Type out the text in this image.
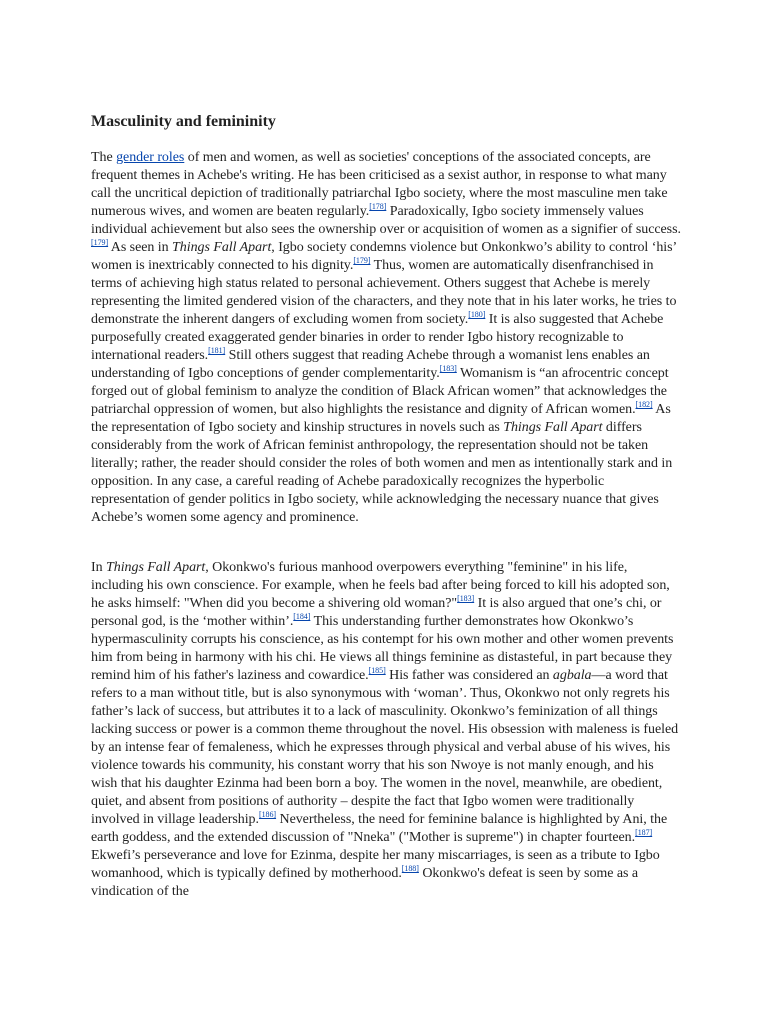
Masculinity and femininity

The gender roles of men and women, as well as societies' conceptions of the associated concepts, are frequent themes in Achebe's writing. He has been criticised as a sexist author, in response to what many call the uncritical depiction of traditionally patriarchal Igbo society, where the most masculine men take numerous wives, and women are beaten regularly.[178] Paradoxically, Igbo society immensely values individual achievement but also sees the ownership over or acquisition of women as a signifier of success.[179] As seen in Things Fall Apart, Igbo society condemns violence but Onkonkwo’s ability to control ‘his’ women is inextricably connected to his dignity.[179] Thus, women are automatically disenfranchised in terms of achieving high status related to personal achievement. Others suggest that Achebe is merely representing the limited gendered vision of the characters, and they note that in his later works, he tries to demonstrate the inherent dangers of excluding women from society.[180] It is also suggested that Achebe purposefully created exaggerated gender binaries in order to render Igbo history recognizable to international readers.[181] Still others suggest that reading Achebe through a womanist lens enables an understanding of Igbo conceptions of gender complementarity.[183] Womanism is “an afrocentric concept forged out of global feminism to analyze the condition of Black African women” that acknowledges the patriarchal oppression of women, but also highlights the resistance and dignity of African women.[182] As the representation of Igbo society and kinship structures in novels such as Things Fall Apart differs considerably from the work of African feminist anthropology, the representation should not be taken literally; rather, the reader should consider the roles of both women and men as intentionally stark and in opposition. In any case, a careful reading of Achebe paradoxically recognizes the hyperbolic representation of gender politics in Igbo society, while acknowledging the necessary nuance that gives Achebe’s women some agency and prominence.

In Things Fall Apart, Okonkwo's furious manhood overpowers everything "feminine" in his life, including his own conscience. For example, when he feels bad after being forced to kill his adopted son, he asks himself: "When did you become a shivering old woman?"[183] It is also argued that one’s chi, or personal god, is the ‘mother within’.[184] This understanding further demonstrates how Okonkwo’s hypermasculinity corrupts his conscience, as his contempt for his own mother and other women prevents him from being in harmony with his chi. He views all things feminine as distasteful, in part because they remind him of his father's laziness and cowardice.[185] His father was considered an agbala—a word that refers to a man without title, but is also synonymous with ‘woman’. Thus, Okonkwo not only regrets his father’s lack of success, but attributes it to a lack of masculinity. Okonkwo’s feminization of all things lacking success or power is a common theme throughout the novel. His obsession with maleness is fueled by an intense fear of femaleness, which he expresses through physical and verbal abuse of his wives, his violence towards his community, his constant worry that his son Nwoye is not manly enough, and his wish that his daughter Ezinma had been born a boy. The women in the novel, meanwhile, are obedient, quiet, and absent from positions of authority – despite the fact that Igbo women were traditionally involved in village leadership.[186] Nevertheless, the need for feminine balance is highlighted by Ani, the earth goddess, and the extended discussion of "Nneka" ("Mother is supreme") in chapter fourteen.[187] Ekwefi’s perseverance and love for Ezinma, despite her many miscarriages, is seen as a tribute to Igbo womanhood, which is typically defined by motherhood.[188] Okonkwo's defeat is seen by some as a vindication of the
